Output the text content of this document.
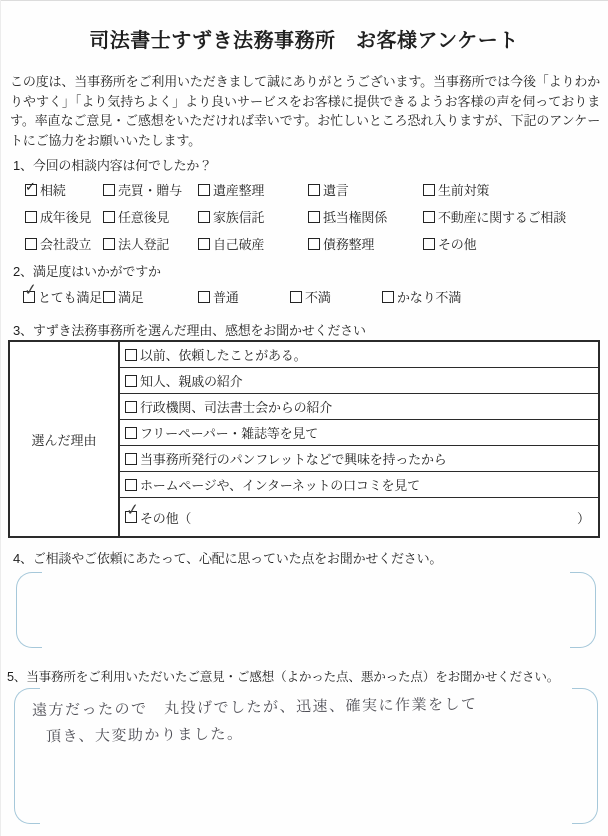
司法書士すずき法務事務所　お客様アンケート
この度は、当事務所をご利用いただきまして誠にありがとうございます。当事務所では今後「よりわかりやすく」「より気持ちよく」より良いサービスをお客様に提供できるようお客様の声を伺っております。率直なご意見・ご感想をいただければ幸いです。お忙しいところ恐れ入りますが、下記のアンケートにご協力をお願いいたします。
1、今回の相談内容は何でしたか？
✓ 相続	売買・贈与 遺産整理	遺言	生前対策
成年後見 任意後見	家族信託	抵当権関係	不動産に関するご相談
会社設立 法人登記	自己破産	債務整理	その他
2、満足度はいかがですか
✓ とても満足 満足	普通	不満	かなり不満
3、すずき法務事務所を選んだ理由、感想をお聞かせください
選んだ理由
以前、依頼したことがある。
知人、親戚の紹介
行政機関、司法書士会からの紹介
フリーペーパー・雑誌等を見て
当事務所発行のパンフレットなどで興味を持ったから
ホームページや、インターネットの口コミを見て
✓ その他（	）
4、ご相談やご依頼にあたって、心配に思っていた点をお聞かせください。
5、当事務所をご利用いただいたご意見・ご感想（よかった点、悪かった点）をお聞かせください。
遠方だったので　丸投げでしたが、迅速、確実に作業をして
頂き、大変助かりました。
